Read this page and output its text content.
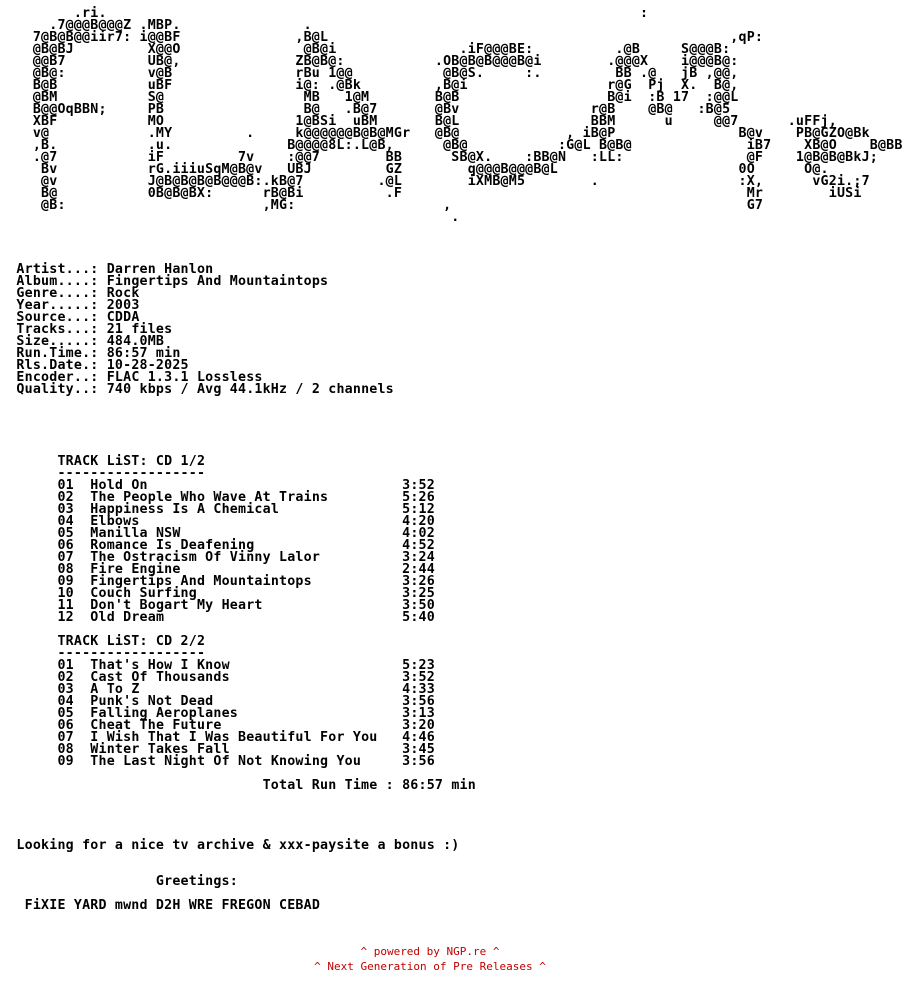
.ri.                                                                 :
.7@@@B@@@Z .MBP.               .
7@B@B@@iir7: i@@BF              ,B@L                                                 ,qP:
@B@BJ         X@@O               @B@i               .iF@@@BE:          .@B     S@@@B:
@@B7          UB@,              ZB@B@:           .OB@B@B@@@B@i        .@@@X    i@@@B@:
@B@:          v@B               rBu 1@@           @B@S.     :.         BB .@   jB ,@@,
B@B           uBF               i@: .@Bk         ,B@i                 r@G  Pj  X.  B@,
@BM           S@                 MB   1@M        B@B                  B@i  :B 17  :@@L
B@@OqBBN;     PB                 B@   .B@7       @Bv                r@B    @B@   :B@5
XBF           MO                1@BSi  uBM       B@L                BBM      u     @@7      .uFFj,
v@            .MY         .     k@@@@@@B@B@MGr   @B@             , iB@P               B@v    PB@GZO@Bk
,B.           .u.              B@@@@8L:.L@B,      @B@           :G@L B@B@              iB7    XB@O    B@BB
.@7           iF         7v    :@@7        BB      SB@X.    :BB@N   :LL:               @F    1@B@B@BkJ;
Bv           rG.iiiuSqM@B@v   UBJ         GZ        q@@@B@@@B@L                      0O      O@.
@v           J@B@B@B@B@@@B:.kB@7         .@L        iXMB@M5        .                 :X,      vG2i.;7
B@           0B@B@BX:      rB@Bi          .F                                          Mr        iUSi
@B:                        ,MG:                  ,                                    G7
.

Artist...: Darren Hanlon
Album....: Fingertips And Mountaintops
Genre....: Rock
Year.....: 2003
Source...: CDDA
Tracks...: 21 files
Size.....: 484.0MB
Run.Time.: 86:57 min
Rls.Date.: 10-28-2025
Encoder..: FLAC 1.3.1 Lossless
Quality..: 740 kbps / Avg 44.1kHz / 2 channels

TRACK LiST: CD 1/2
------------------
01 Hold On	3:52
02 The People Who Wave At Trains	5:26
03 Happiness Is A Chemical	5:12
04 Elbows	4:20
05 Manilla NSW	4:02
06 Romance Is Deafening	4:52
07 The Ostracism Of Vinny Lalor	3:24
08 Fire Engine	2:44
09 Fingertips And Mountaintops	3:26
10 Couch Surfing	3:25
11 Don't Bogart My Heart	3:50
12 Old Dream	5:40

TRACK LiST: CD 2/2
------------------
01 That's How I Know	5:23
02 Cast Of Thousands	3:52
03 A To Z	4:33
04 Punk's Not Dead	3:56
05 Falling Aeroplanes	3:13
06 Cheat The Future	3:20
07 I Wish That I Was Beautiful For You 4:46
08 Winter Takes Fall	3:45
09 The Last Night Of Not Knowing You	3:56

Total Run Time : 86:57 min
Looking for a nice tv archive & xxx-paysite a bonus :)
Greetings:
FiXIE YARD mwnd D2H WRE FREGON CEBAD
^ powered by NGP.re ^
^ Next Generation of Pre Releases ^
